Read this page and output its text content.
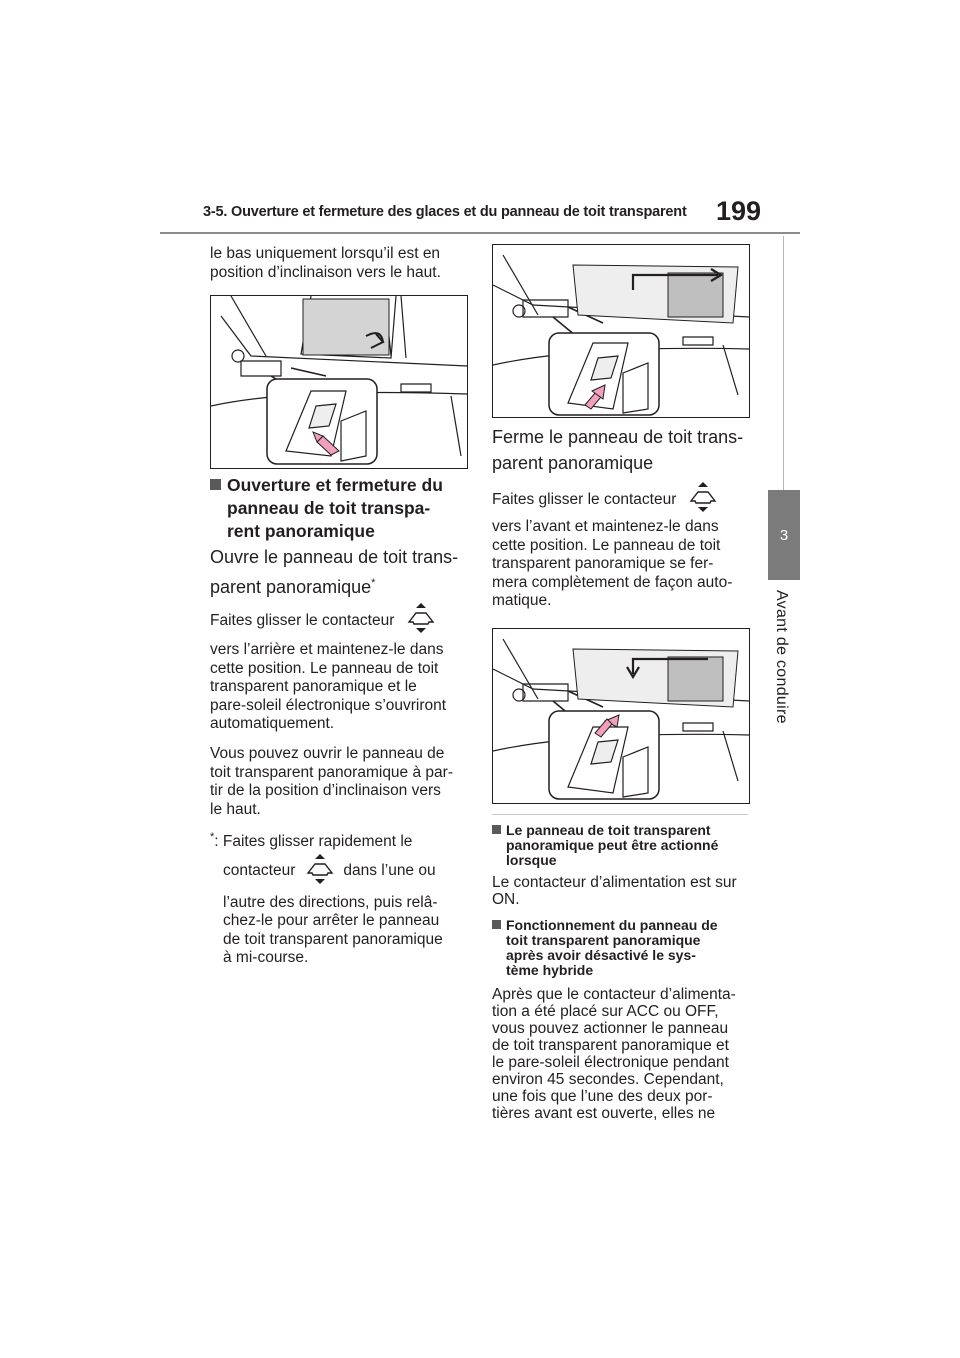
3-5. Ouverture et fermeture des glaces et du panneau de toit transparent 199
3
Avant de conduire
le bas uniquement lorsqu’il est en
position d’inclinaison vers le haut.
Ouverture et fermeture du
panneau de toit transpa-
rent panoramique
Ouvre le panneau de toit trans-
parent panoramique*
Faites glisser le contacteur
vers l’arrière et maintenez-le dans
cette position. Le panneau de toit
transparent panoramique et le
pare-soleil électronique s’ouvriront
automatiquement.
Vous pouvez ouvrir le panneau de
toit transparent panoramique à par-
tir de la position d’inclinaison vers
le haut.
*: Faites glisser rapidement le
contacteur	dans l’une ou
l’autre des directions, puis relâ-
chez-le pour arrêter le panneau
de toit transparent panoramique
à mi-course.
Ferme le panneau de toit trans-
parent panoramique
Faites glisser le contacteur
vers l’avant et maintenez-le dans
cette position. Le panneau de toit
transparent panoramique se fer-
mera complètement de façon auto-
matique.
Le panneau de toit transparent
panoramique peut être actionné
lorsque
Le contacteur d’alimentation est sur
ON.
Fonctionnement du panneau de
toit transparent panoramique
après avoir désactivé le sys-
tème hybride
Après que le contacteur d’alimenta-
tion a été placé sur ACC ou OFF,
vous pouvez actionner le panneau
de toit transparent panoramique et
le pare-soleil électronique pendant
environ 45 secondes. Cependant,
une fois que l’une des deux por-
tières avant est ouverte, elles ne
